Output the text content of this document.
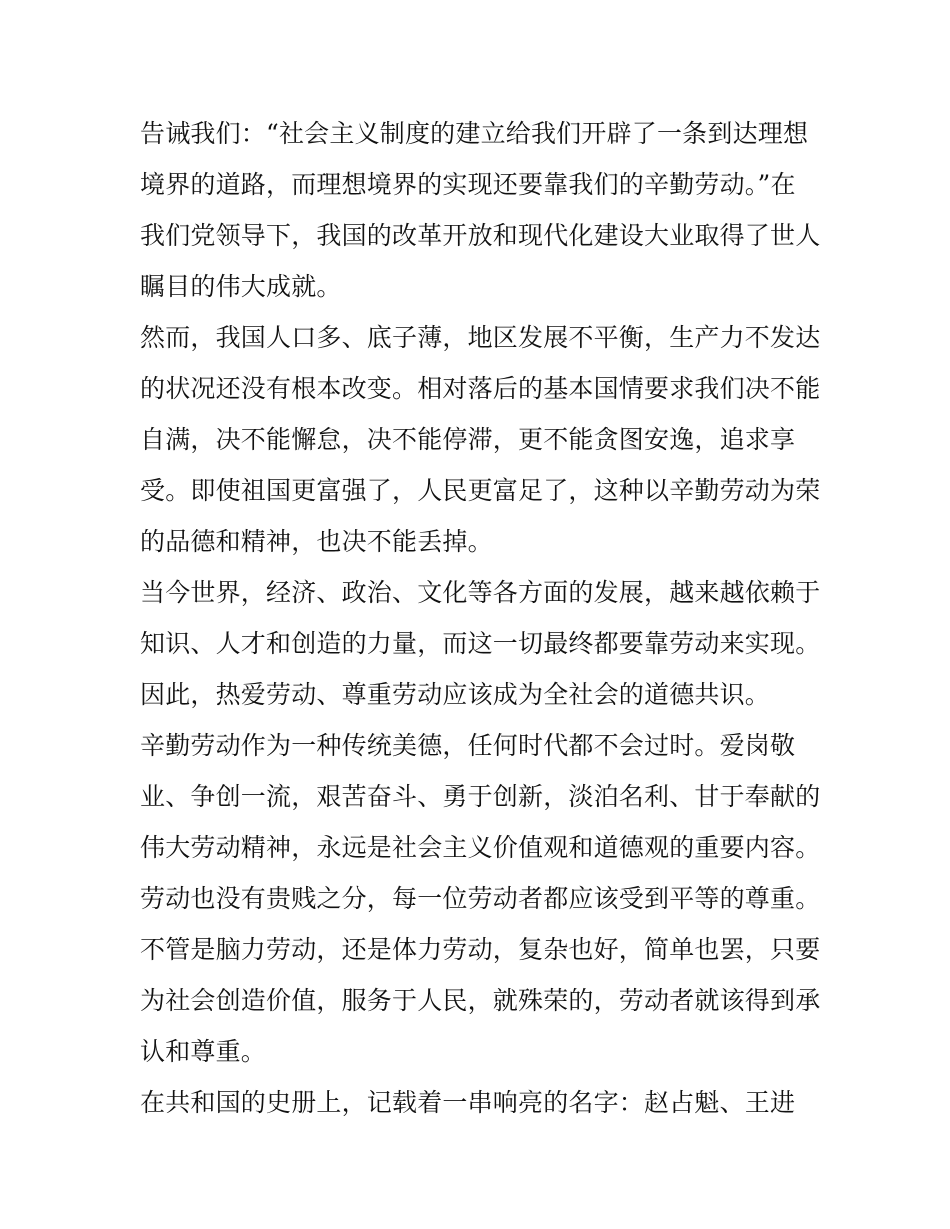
告诫我们：“社会主义制度的建立给我们开辟了一条到达理想
境界的道路，而理想境界的实现还要靠我们的辛勤劳动。”在
我们党领导下，我国的改革开放和现代化建设大业取得了世人
瞩目的伟大成就。
然而，我国人口多、底子薄，地区发展不平衡，生产力不发达
的状况还没有根本改变。相对落后的基本国情要求我们决不能
自满，决不能懈怠，决不能停滞，更不能贪图安逸，追求享
受。即使祖国更富强了，人民更富足了，这种以辛勤劳动为荣
的品德和精神，也决不能丢掉。
当今世界，经济、政治、文化等各方面的发展，越来越依赖于
知识、人才和创造的力量，而这一切最终都要靠劳动来实现。
因此，热爱劳动、尊重劳动应该成为全社会的道德共识。
辛勤劳动作为一种传统美德，任何时代都不会过时。爱岗敬
业、争创一流，艰苦奋斗、勇于创新，淡泊名利、甘于奉献的
伟大劳动精神，永远是社会主义价值观和道德观的重要内容。
劳动也没有贵贱之分，每一位劳动者都应该受到平等的尊重。
不管是脑力劳动，还是体力劳动，复杂也好，简单也罢，只要
为社会创造价值，服务于人民，就殊荣的，劳动者就该得到承
认和尊重。
在共和国的史册上，记载着一串响亮的名字：赵占魁、王进
